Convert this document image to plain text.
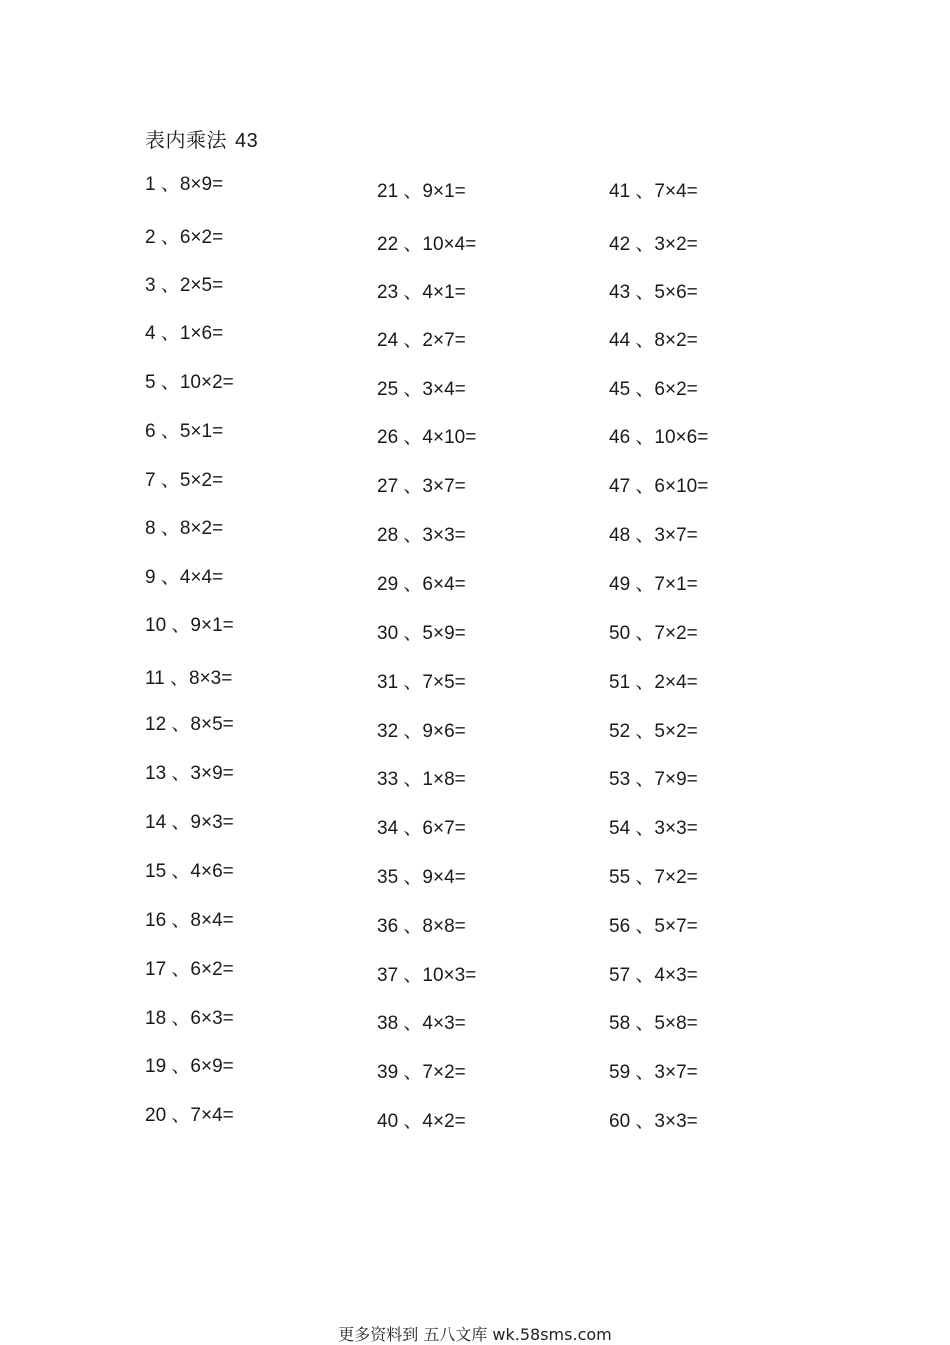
表内乘法 43
1 、8×9=
2 、6×2=
3 、2×5=
4 、1×6=
5 、10×2=
6 、5×1=
7 、5×2=
8 、8×2=
9 、4×4=
10 、9×1=
11 、8×3=
12 、8×5=
13 、3×9=
14 、9×3=
15 、4×6=
16 、8×4=
17 、6×2=
18 、6×3=
19 、6×9=
20 、7×4=
21 、9×1=
22 、10×4=
23 、4×1=
24 、2×7=
25 、3×4=
26 、4×10=
27 、3×7=
28 、3×3=
29 、6×4=
30 、5×9=
31 、7×5=
32 、9×6=
33 、1×8=
34 、6×7=
35 、9×4=
36 、8×8=
37 、10×3=
38 、4×3=
39 、7×2=
40 、4×2=
41 、7×4=
42 、3×2=
43 、5×6=
44 、8×2=
45 、6×2=
46 、10×6=
47 、6×10=
48 、3×7=
49 、7×1=
50 、7×2=
51 、2×4=
52 、5×2=
53 、7×9=
54 、3×3=
55 、7×2=
56 、5×7=
57 、4×3=
58 、5×8=
59 、3×7=
60 、3×3=
更多资料到 五八文库 wk.58sms.com
